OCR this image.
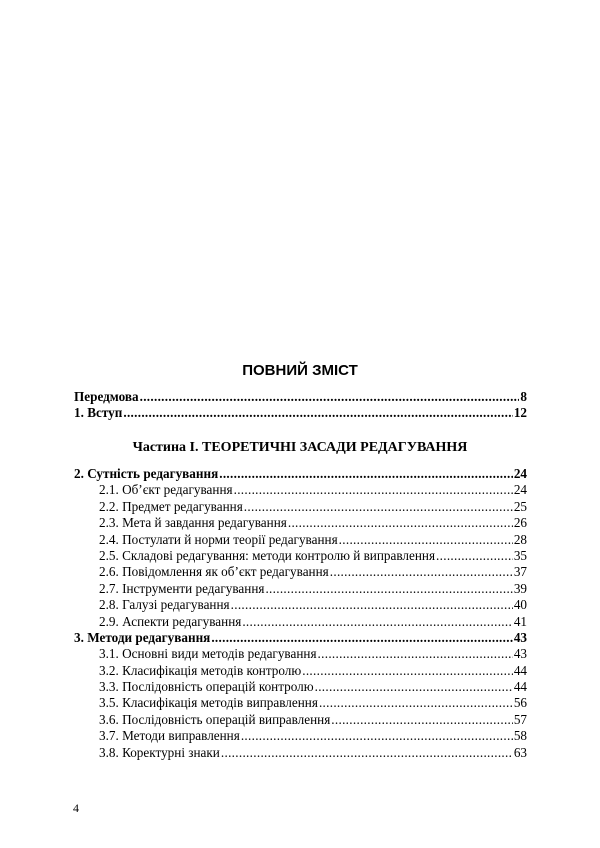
ПОВНИЙ ЗМІСТ
Передмова .....	8
1. Вступ .....	12
Частина І. ТЕОРЕТИЧНІ ЗАСАДИ РЕДАГУВАННЯ
2. Сутність редагування .....	24
2.1. Об’єкт редагування .....	24
2.2. Предмет редагування .....	25
2.3. Мета й завдання редагування .....	26
2.4. Постулати й норми теорії редагування .....	28
2.5. Складові редагування: методи контролю й виправлення .....	35
2.6. Повідомлення як об’єкт редагування .....	37
2.7. Інструменти редагування .....	39
2.8. Галузі редагування .....	40
2.9. Аспекти редагування .....	41
3. Методи редагування .....	43
3.1. Основні види методів редагування .....	43
3.2. Класифікація методів контролю .....	44
3.3. Послідовність операцій контролю .....	44
3.5. Класифікація методів виправлення .....	56
3.6. Послідовність операцій виправлення .....	57
3.7. Методи виправлення .....	58
3.8. Коректурні знаки .....	63
4
